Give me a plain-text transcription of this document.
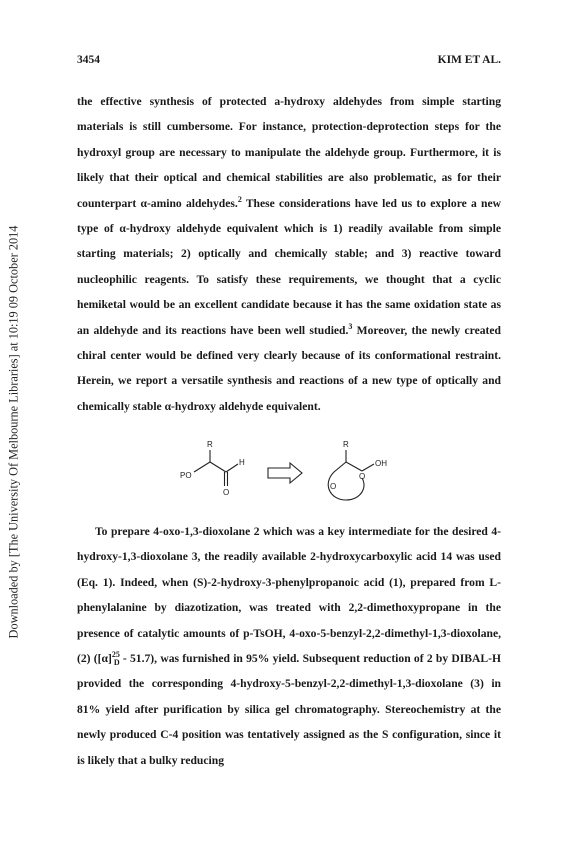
Downloaded by [The University Of Melbourne Libraries] at 10:19 09 October 2014
3454	KIM ET AL.
the effective synthesis of protected a-hydroxy aldehydes from simple starting materials is still cumbersome. For instance, protection-deprotection steps for the hydroxyl group are necessary to manipulate the aldehyde group. Furthermore, it is likely that their optical and chemical stabilities are also problematic, as for their counterpart α-amino aldehydes.$^2$ These considerations have led us to explore a new type of α-hydroxy aldehyde equivalent which is 1) readily available from simple starting materials; 2) optically and chemically stable; and 3) reactive toward nucleophilic reagents. To satisfy these requirements, we thought that a cyclic hemiketal would be an excellent candidate because it has the same oxidation state as an aldehyde and its reactions have been well studied.$^3$ Moreover, the newly created chiral center would be defined very clearly because of its conformational restraint. Herein, we report a versatile synthesis and reactions of a new type of optically and chemically stable α-hydroxy aldehyde equivalent.
R
PO
H
O
R
OH
O
O
To prepare 4-oxo-1,3-dioxolane 2 which was a key intermediate for the desired 4-hydroxy-1,3-dioxolane 3, the readily available 2-hydroxycarboxylic acid 14 was used (Eq. 1). Indeed, when (S)-2-hydroxy-3-phenylpropanoic acid (1), prepared from L-phenylalanine by diazotization, was treated with 2,2-dimethoxypropane in the presence of catalytic amounts of p-TsOH, 4-oxo-5-benzyl-2,2-dimethyl-1,3-dioxolane, (2) $([\alpha]^{25}_D - 51.7)$, was furnished in 95% yield. Subsequent reduction of 2 by DIBAL-H provided the corresponding 4-hydroxy-5-benzyl-2,2-dimethyl-1,3-dioxolane (3) in 81% yield after purification by silica gel chromatography. Stereochemistry at the newly produced C-4 position was tentatively assigned as the S configuration, since it is likely that a bulky reducing
